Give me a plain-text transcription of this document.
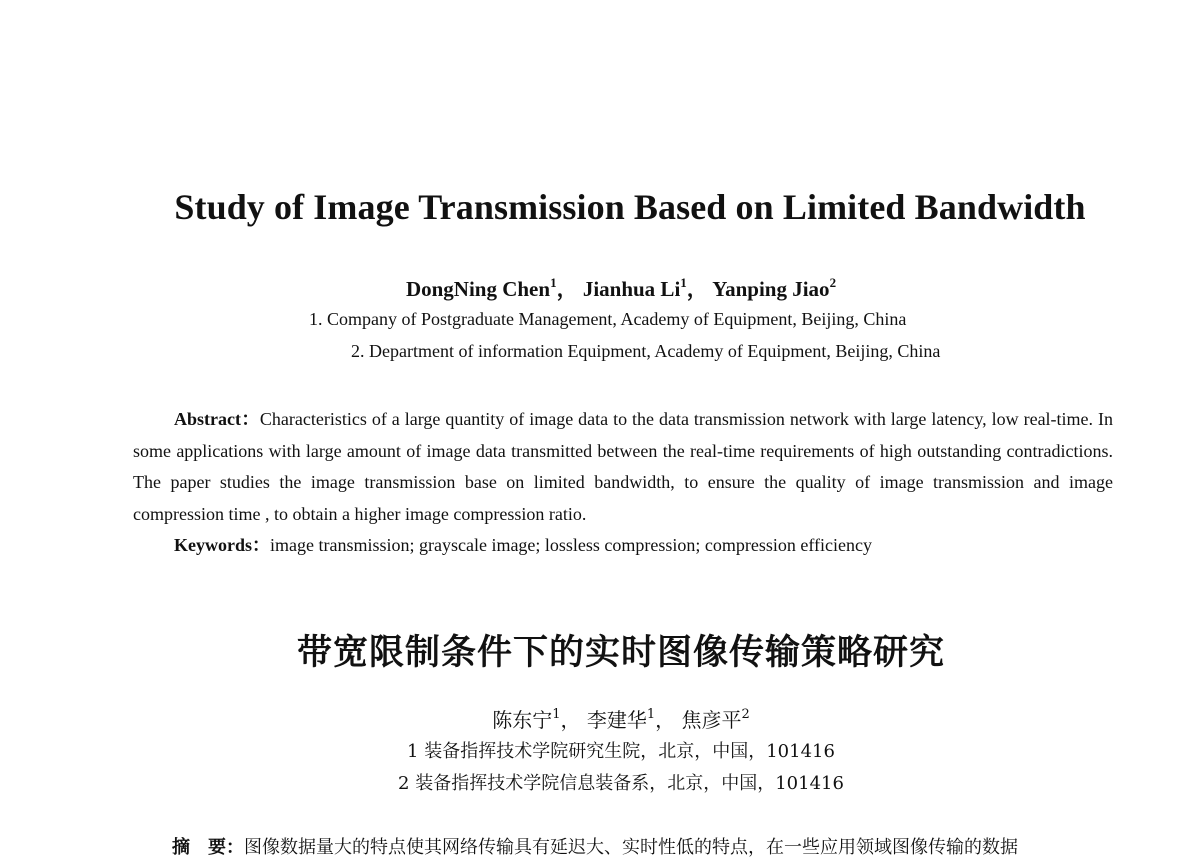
Study of Image Transmission Based on Limited Bandwidth
DongNing Chen$^1$， Jianhua Li$^1$， Yanping Jiao$^2$
1. Company of Postgraduate Management, Academy of Equipment, Beijing, China
2. Department of information Equipment, Academy of Equipment, Beijing, China
Abstract：Characteristics of a large quantity of image data to the data transmission network with large latency, low real-time. In some applications with large amount of image data transmitted between the real-time requirements of high outstanding contradictions. The paper studies the image transmission base on limited bandwidth, to ensure the quality of image transmission and image compression time , to obtain a higher image compression ratio.
Keywords：image transmission; grayscale image; lossless compression; compression efficiency
带宽限制条件下的实时图像传输策略研究
陈东宁$^1$， 李建华$^1$， 焦彦平$^2$
1 装备指挥技术学院研究生院，北京，中国，101416
2 装备指挥技术学院信息装备系，北京，中国，101416
摘　要：图像数据量大的特点使其网络传输具有延迟大、实时性低的特点，在一些应用领域图像传输的数据
